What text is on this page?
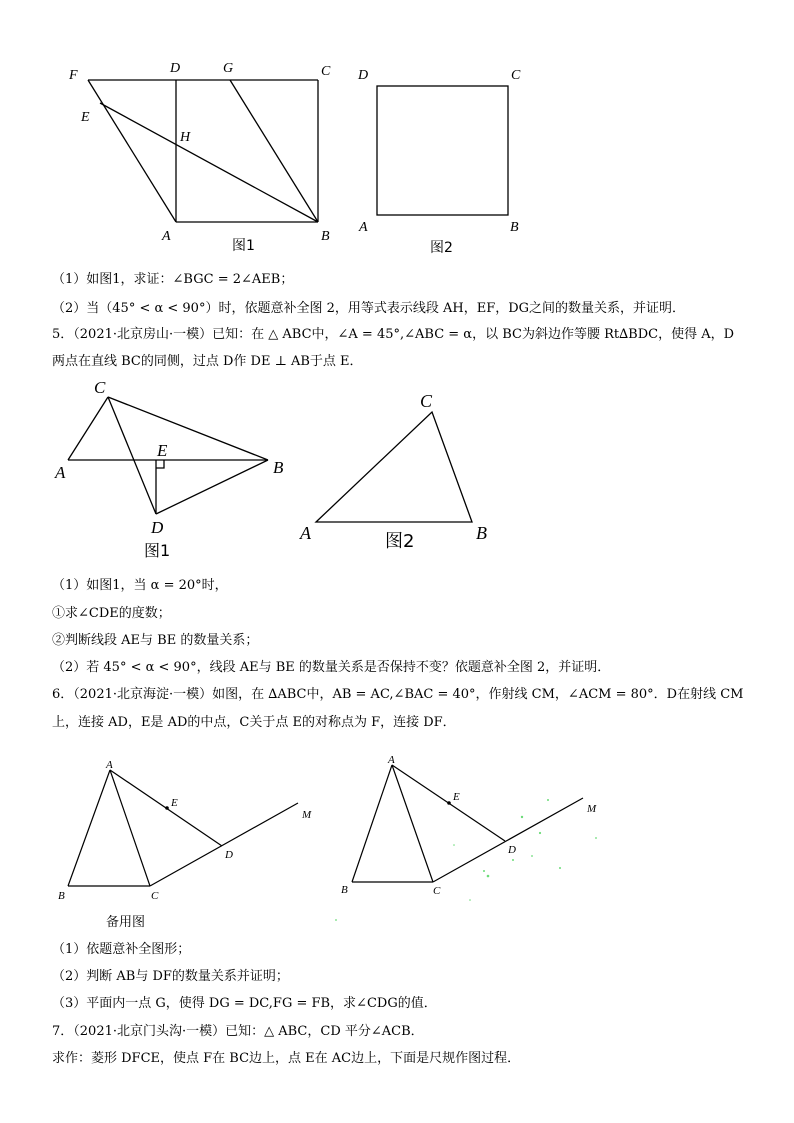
F	D	G	C
E
H
A	B
D	C
A	B
图1	图2
（1）如图1，求证：∠BGC = 2∠AEB；
（2）当（45° < α < 90°）时，依题意补全图 2，用等式表示线段 AH，EF，DG之间的数量关系，并证明．
5．（2021·北京房山·一模）已知：在 △ ABC中，∠A = 45°,∠ABC = α，以 BC为斜边作等腰 Rt∆BDC，使得 A，D
两点在直线 BC的同侧，过点 D作 DE ⊥ AB于点 E．
C
E
A	B
D
C
A	B
图1	图2
（1）如图1，当 α = 20°时，
①求∠CDE的度数；
②判断线段 AE与 BE 的数量关系；
（2）若 45° < α < 90°，线段 AE与 BE 的数量关系是否保持不变？依题意补全图 2，并证明．
6．（2021·北京海淀·一模）如图，在 ∆ABC中，AB = AC,∠BAC = 40°，作射线 CM，∠ACM = 80°．D在射线 CM
上，连接 AD，E是 AD的中点，C关于点 E的对称点为 F，连接 DF．
A
E
M
D
B	C
A
E
M
D
B	C
备用图
（1）依题意补全图形；
（2）判断 AB与 DF的数量关系并证明；
（3）平面内一点 G，使得 DG = DC,FG = FB，求∠CDG的值．
7．（2021·北京门头沟·一模）已知：△ ABC，CD 平分∠ACB．
求作：菱形 DFCE，使点 F在 BC边上，点 E在 AC边上，下面是尺规作图过程．
